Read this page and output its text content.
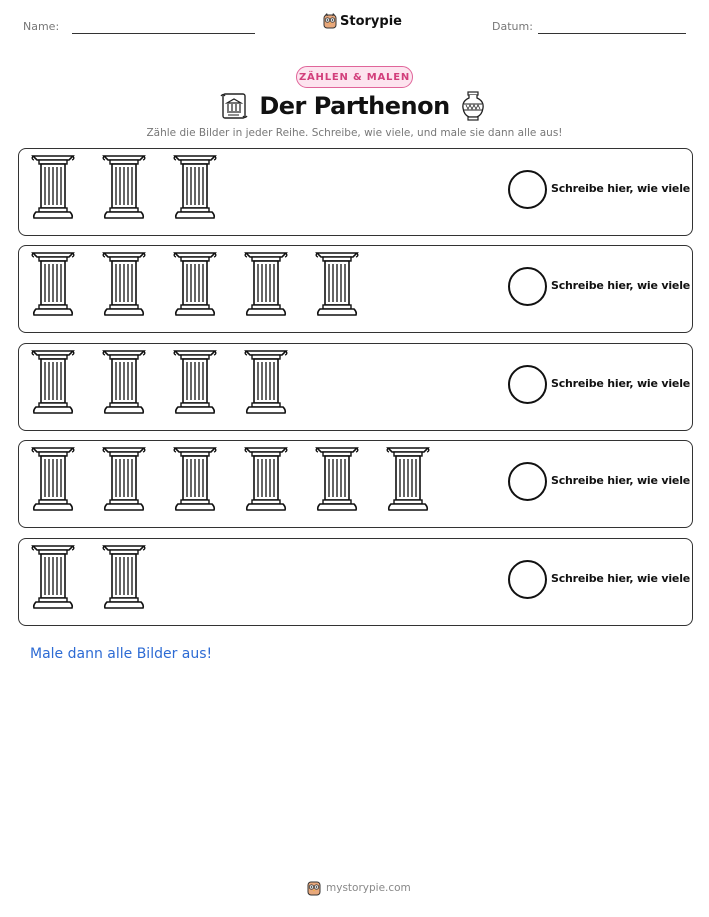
Name:	Storypie	Datum:
ZÄHLEN & MALEN
Der Parthenon
Zähle die Bilder in jeder Reihe. Schreibe, wie viele, und male sie dann alle aus!
Schreibe hier, wie viele
Schreibe hier, wie viele
Schreibe hier, wie viele
Schreibe hier, wie viele
Schreibe hier, wie viele
Male dann alle Bilder aus!
mystorypie.com
